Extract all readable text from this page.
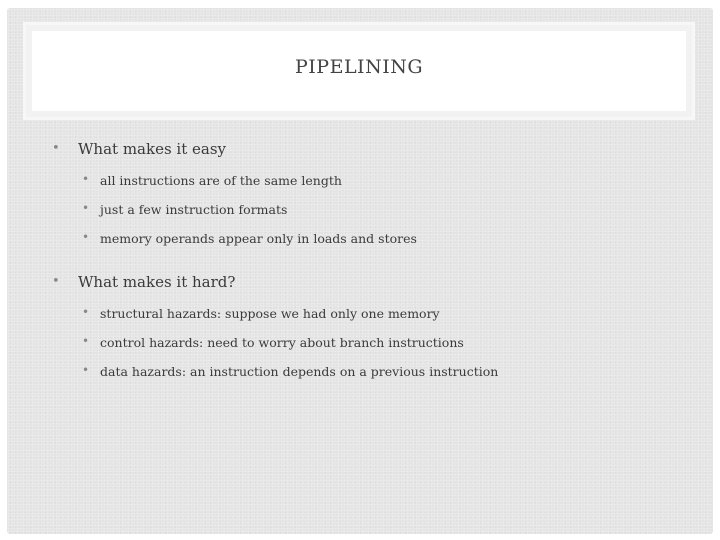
PIPELINING
• What makes it easy
• all instructions are of the same length
• just a few instruction formats
• memory operands appear only in loads and stores
• What makes it hard?
• structural hazards: suppose we had only one memory
• control hazards: need to worry about branch instructions
• data hazards: an instruction depends on a previous instruction
